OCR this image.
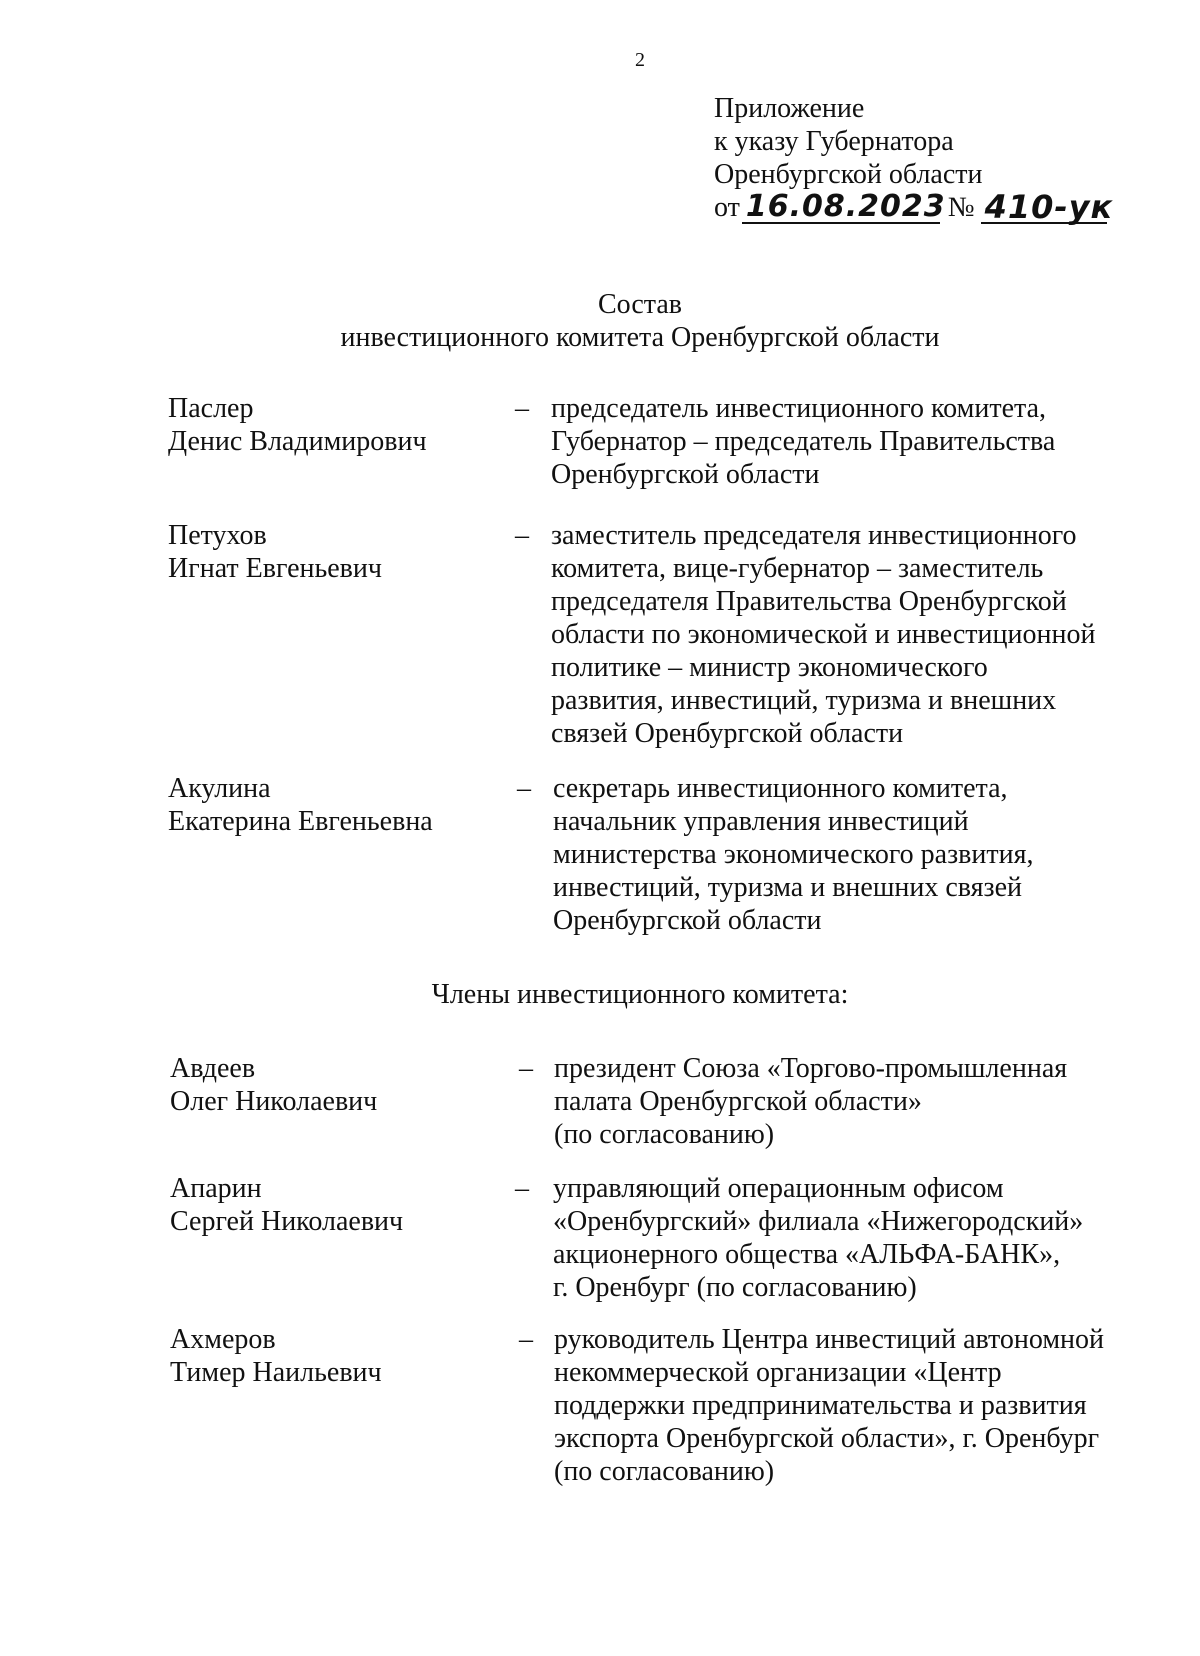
2
Приложение
к указу Губернатора
Оренбургской области
от 16.08.2023 № 410-ук
Состав
инвестиционного комитета Оренбургской области
Паслер
Денис Владимирович
– председатель инвестиционного комитета,
Губернатор – председатель Правительства
Оренбургской области
Петухов
Игнат Евгеньевич
– заместитель председателя инвестиционного
комитета, вице-губернатор – заместитель
председателя Правительства Оренбургской
области по экономической и инвестиционной
политике – министр экономического
развития, инвестиций, туризма и внешних
связей Оренбургской области
Акулина
Екатерина Евгеньевна
– секретарь инвестиционного комитета,
начальник управления инвестиций
министерства экономического развития,
инвестиций, туризма и внешних связей
Оренбургской области
Члены инвестиционного комитета:
Авдеев
Олег Николаевич
– президент Союза «Торгово-промышленная
палата Оренбургской области»
(по согласованию)
Апарин
Сергей Николаевич
– управляющий операционным офисом
«Оренбургский» филиала «Нижегородский»
акционерного общества «АЛЬФА-БАНК»,
г. Оренбург (по согласованию)
Ахмеров
Тимер Наильевич
– руководитель Центра инвестиций автономной
некоммерческой организации «Центр
поддержки предпринимательства и развития
экспорта Оренбургской области», г. Оренбург
(по согласованию)
